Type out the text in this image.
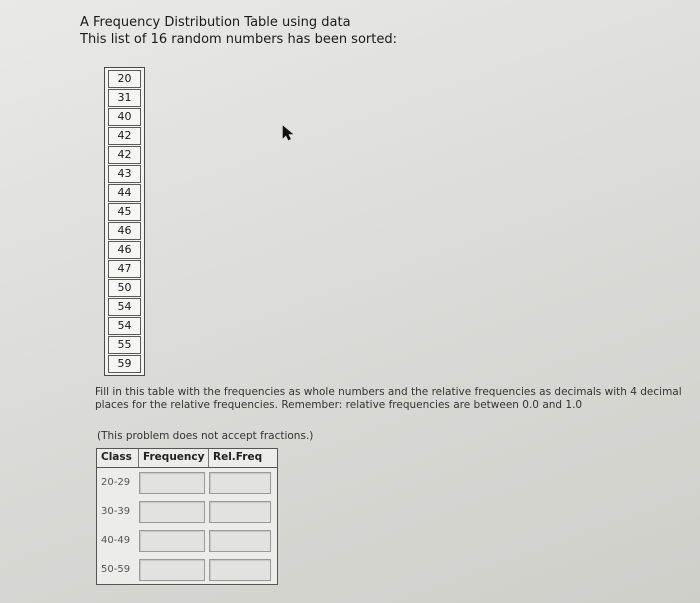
A Frequency Distribution Table using data
This list of 16 random numbers has been sorted:
20
31
40
42
42
43
44
45
46
46
47
50
54
54
55
59
Fill in this table with the frequencies as whole numbers and the relative frequencies as decimals with 4 decimal places for the relative frequencies. Remember: relative frequencies are between 0.0 and 1.0
(This problem does not accept fractions.)
Class	Frequency Rel.Freq
20-29
30-39
40-49
50-59
